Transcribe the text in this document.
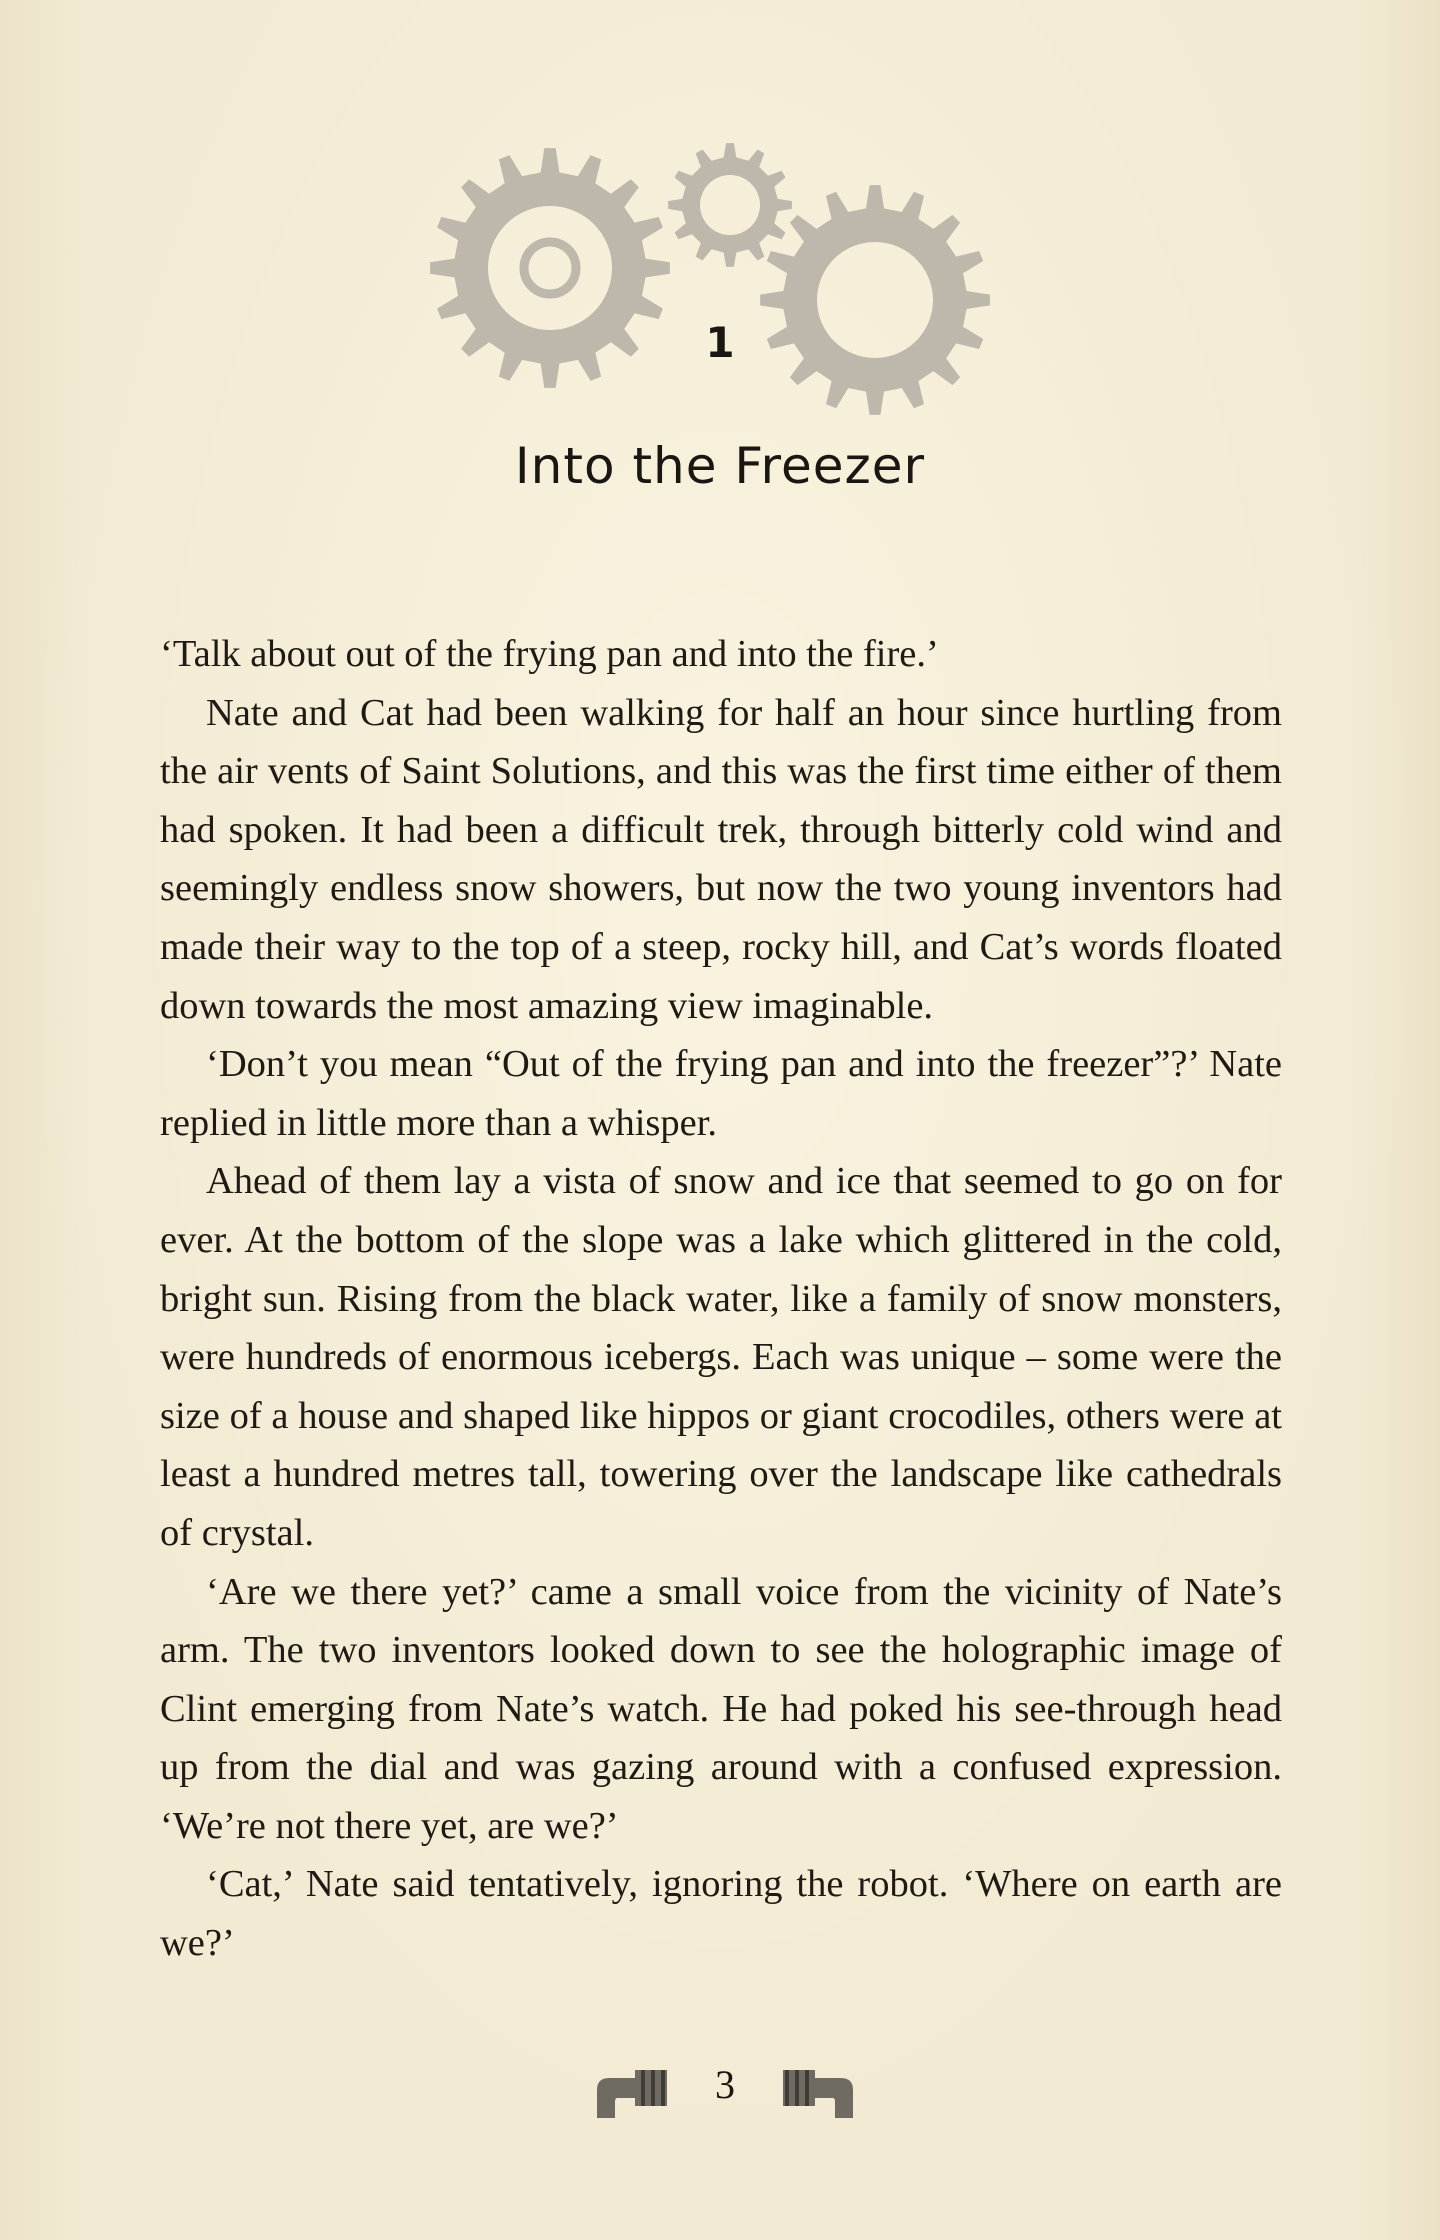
1
Into the Freezer

‘Talk about out of the frying pan and into the fire.’

Nate and Cat had been walking for half an hour since hurtling from the air vents of Saint Solutions, and this was the first time either of them had spoken. It had been a difficult trek, through bitterly cold wind and seemingly endless snow showers, but now the two young inventors had made their way to the top of a steep, rocky hill, and Cat’s words floated down towards the most amazing view imaginable.

‘Don’t you mean “Out of the frying pan and into the freezer”?’ Nate replied in little more than a whisper.

Ahead of them lay a vista of snow and ice that seemed to go on for ever. At the bottom of the slope was a lake which glittered in the cold, bright sun. Rising from the black water, like a family of snow monsters, were hundreds of enormous icebergs. Each was unique – some were the size of a house and shaped like hippos or giant crocodiles, others were at least a hundred metres tall, towering over the landscape like cathedrals of crystal.

‘Are we there yet?’ came a small voice from the vicinity of Nate’s arm. The two inventors looked down to see the holographic image of Clint emerging from Nate’s watch. He had poked his see-through head up from the dial and was gazing around with a confused expression. ‘We’re not there yet, are we?’

‘Cat,’ Nate said tentatively, ignoring the robot. ‘Where on earth are we?’

3
